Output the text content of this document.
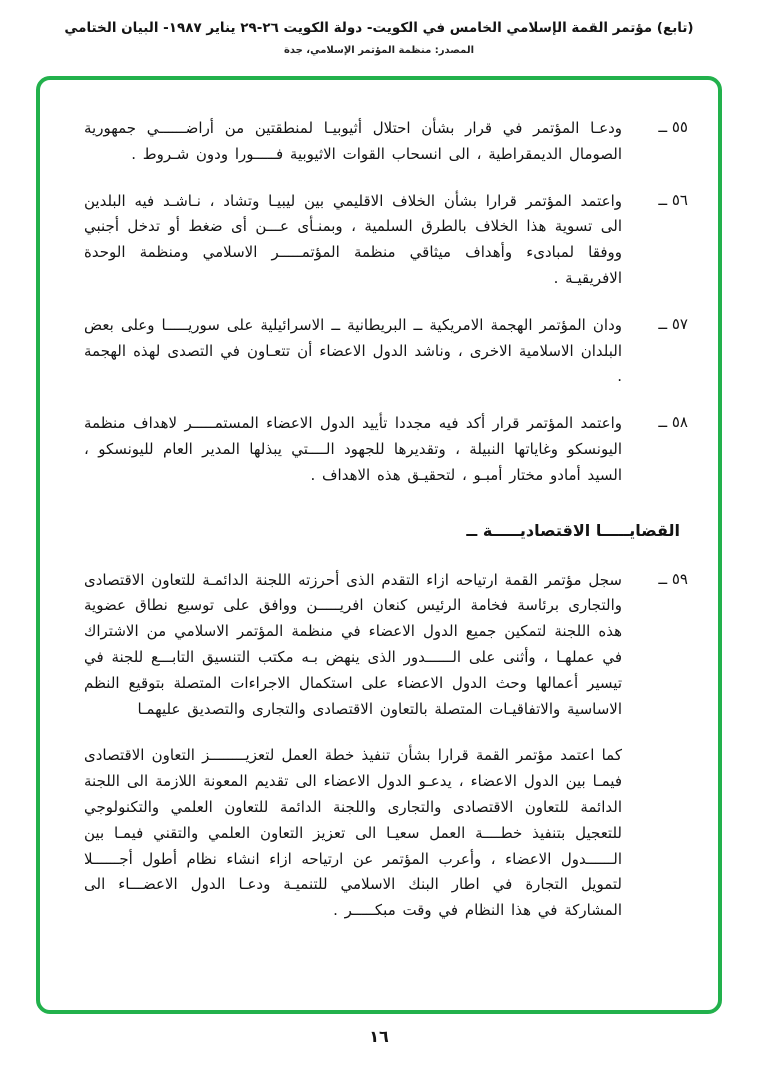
(تابع) مؤتمر القمة الإسلامي الخامس في الكويت- دولة الكويت ٢٦-٢٩ يناير ١٩٨٧- البيان الختامي
المصدر: منظمة المؤتمر الإسلامي، جدة
٥٥ ــ
ودعـا المؤتمر في قرار بشأن احتلال أثيوبيـا لمنطقتين من أراضــــــي جمهورية الصومال الديمقراطية ، الى انسحاب القوات الاثيوبية فـــــورا ودون شـروط .
٥٦ ــ
واعتمد المؤتمر قرارا بشأن الخلاف الاقليمي بين ليبيـا وتشاد ، نـاشـد فيه البلدين الى تسوية هذا الخلاف بالطرق السلمية ، وبمنـأى عـــن أى ضغط أو تدخل أجنبي ووفقا لمبادىء وأهداف ميثاقي منظمة المؤتمـــــر الاسلامي ومنظمة الوحدة الافريقيـة .
٥٧ ــ
ودان المؤتمر الهجمة الامريكية ــ البريطانية ــ الاسرائيلية على سوريـــــا وعلى بعض البلدان الاسلامية الاخرى ، وناشد الدول الاعضاء أن تتعـاون في التصدى لهذه الهجمة .
٥٨ ــ
واعتمد المؤتمر قرار أكد فيه مجددا تأييد الدول الاعضاء المستمـــــر لاهداف منظمة اليونسكو وغاياتها النبيلة ، وتقديرها للجهود الــــتي يبذلها المدير العام لليونسكو ، السيد أمادو مختار أمبـو ، لتحقيـق هذه الاهداف .
القضايـــــا الاقتصاديـــــة ــ
٥٩ ــ

سجل مؤتمر القمة ارتياحه ازاء التقدم الذى أحرزته اللجنة الدائمـة للتعاون الاقتصادى والتجارى برئاسة فخامة الرئيس كنعان افريـــــن ووافق على توسيع نطاق عضوية هذه اللجنة لتمكين جميع الدول الاعضاء في منظمة المؤتمر الاسلامي من الاشتراك في عملهـا ، وأثنى على الــــــدور الذى ينهض بـه مكتب التنسيق التابـــع للجنة في تيسير أعمالها وحث الدول الاعضاء على استكمال الاجراءات المتصلة بتوقيع النظم الاساسية والاتفاقيـات المتصلة بالتعاون الاقتصادى والتجارى والتصديق عليهمـا

كما اعتمد مؤتمر القمة قرارا بشأن تنفيذ خطة العمل لتعزيــــــــز التعاون الاقتصادى فيمـا بين الدول الاعضاء ، يدعـو الدول الاعضاء الى تقديم المعونة اللازمة الى اللجنة الدائمة للتعاون الاقتصادى والتجارى واللجنة الدائمة للتعاون العلمي والتكنولوجي للتعجيل بتنفيذ خطــــة العمل سعيـا الى تعزيز التعاون العلمي والتقني فيمـا بين الــــــدول الاعضاء ، وأعرب المؤتمر عن ارتياحه ازاء انشاء نظام أطول أجــــــلا لتمويل التجارة في اطار البنك الاسلامي للتنميـة ودعـا الدول الاعضـــاء الى المشاركة في هذا النظام في وقت مبكـــــر .

١٦
